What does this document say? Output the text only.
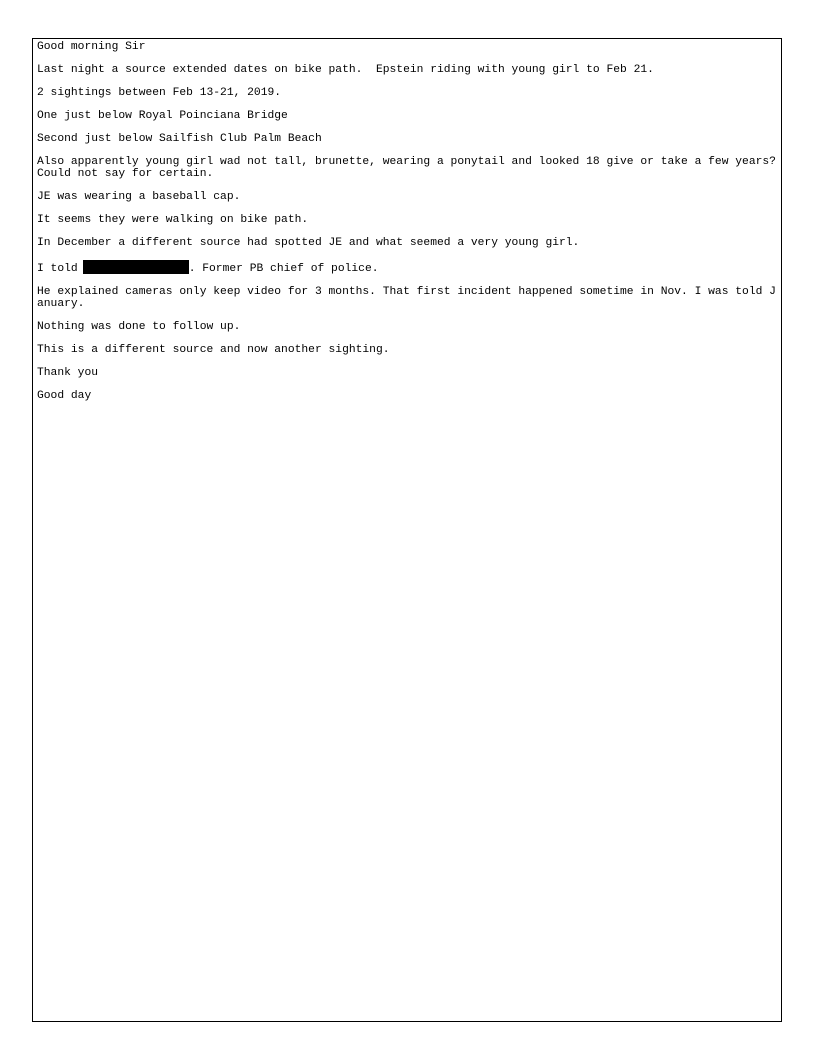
Good morning Sir

Last night a source extended dates on bike path.  Epstein riding with young girl to Feb 21.

2 sightings between Feb 13-21, 2019.

One just below Royal Poinciana Bridge

Second just below Sailfish Club Palm Beach

Also apparently young girl wad not tall, brunette, wearing a ponytail and looked 18 give or take a few years? Could not say for certain.

JE was wearing a baseball cap.

It seems they were walking on bike path.

In December a different source had spotted JE and what seemed a very young girl.

I told	. Former PB chief of police.

He explained cameras only keep video for 3 months. That first incident happened sometime in Nov. I was told January.

Nothing was done to follow up.

This is a different source and now another sighting.

Thank you

Good day
